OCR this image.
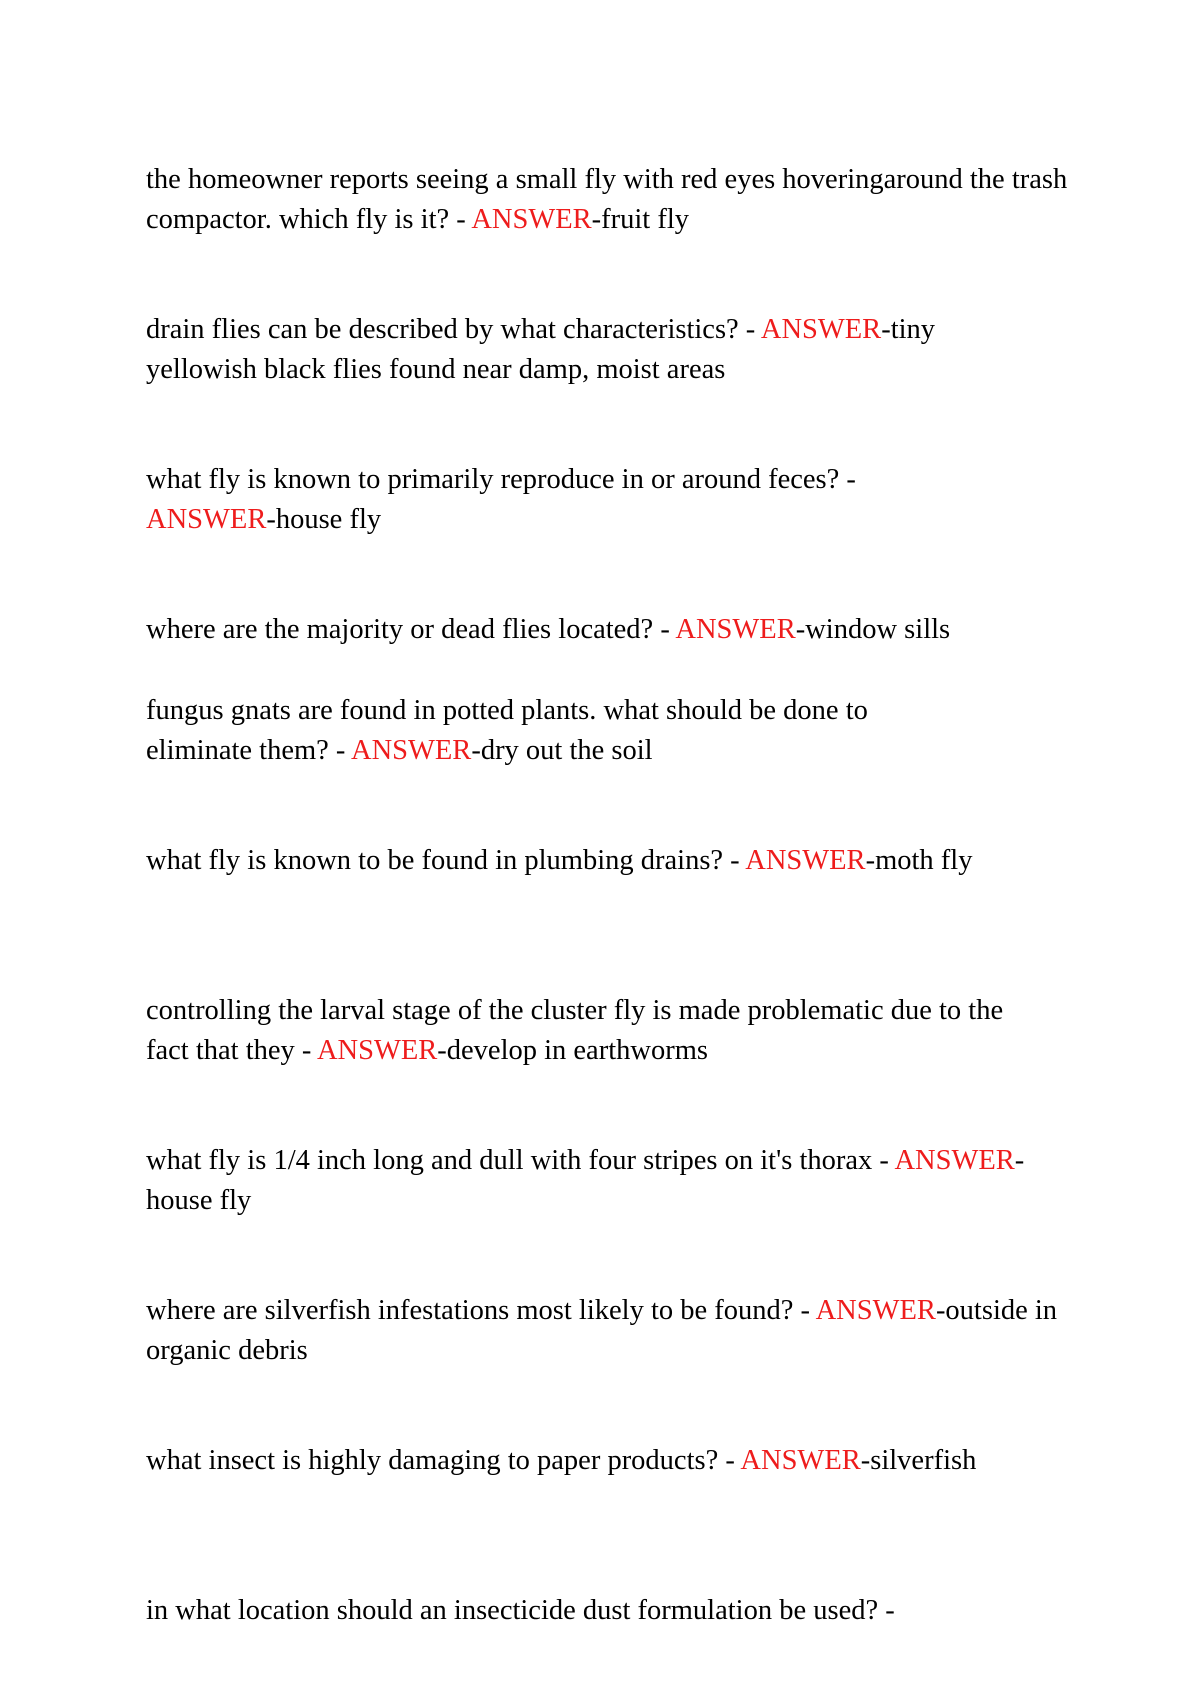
the homeowner reports seeing a small fly with red eyes hoveringaround the trash compactor. which fly is it? - ANSWER-fruit fly

drain flies can be described by what characteristics? - ANSWER-tiny yellowish black flies found near damp, moist areas

what fly is known to primarily reproduce in or around feces? - ANSWER-house fly

where are the majority or dead flies located? - ANSWER-window sills

fungus gnats are found in potted plants. what should be done to eliminate them? - ANSWER-dry out the soil

what fly is known to be found in plumbing drains? - ANSWER-moth fly

controlling the larval stage of the cluster fly is made problematic due to the fact that they - ANSWER-develop in earthworms

what fly is 1/4 inch long and dull with four stripes on it's thorax - ANSWER-house fly

where are silverfish infestations most likely to be found? - ANSWER-outside in organic debris

what insect is highly damaging to paper products? - ANSWER-silverfish

in what location should an insecticide dust formulation be used? -
